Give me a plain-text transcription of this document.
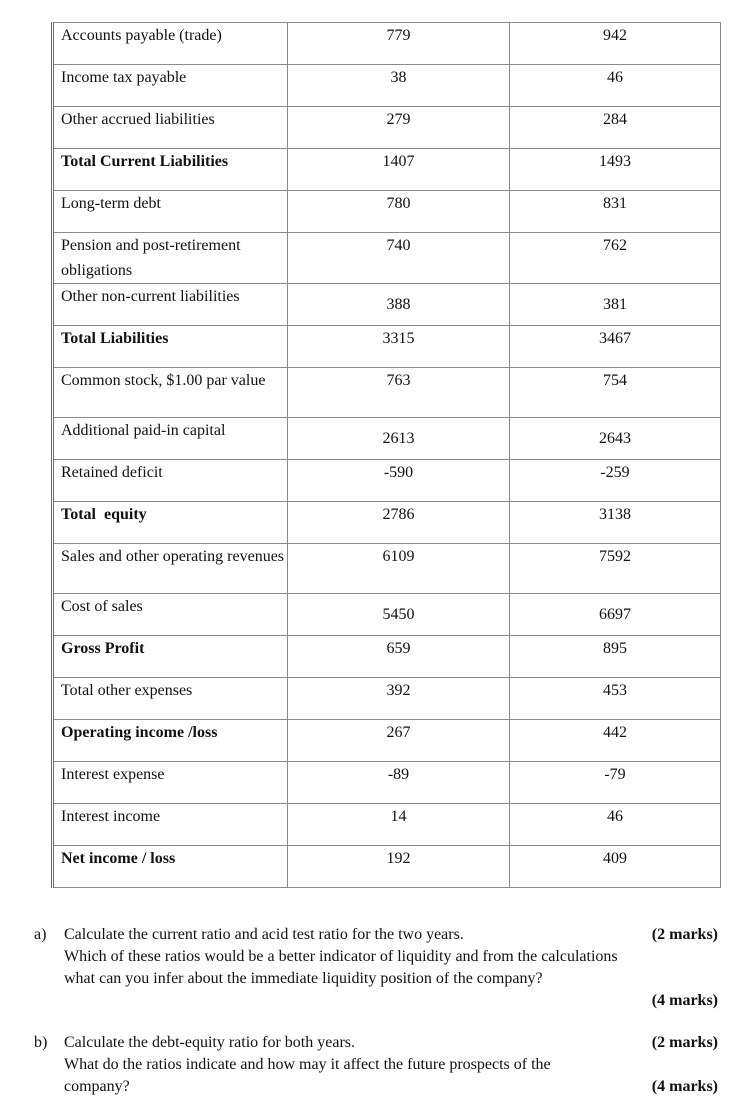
Accounts payable (trade)	779	942
Income tax payable	38	46
Other accrued liabilities	279	284
Total Current Liabilities	1407	1493
Long-term debt	780	831
Pension and post-retirement obligations	740	762
Other non-current liabilities	388	381
Total Liabilities	3315	3467
Common stock, $1.00 par value	763	754
Additional paid-in capital	2613	2643
Retained deficit	-590	-259
Total  equity	2786	3138
Sales and other operating revenues	6109	7592
Cost of sales	5450	6697
Gross Profit	659	895
Total other expenses	392	453
Operating income /loss	267	442
Interest expense	-89	-79
Interest income	14	46
Net income / loss	192	409
a) Calculate the current ratio and acid test ratio for the two years.	(2 marks)
Which of these ratios would be a better indicator of liquidity and from the calculations
what can you infer about the immediate liquidity position of the company?
(4 marks)
b) Calculate the debt-equity ratio for both years.	(2 marks)
What do the ratios indicate and how may it affect the future prospects of the
company?	(4 marks)
